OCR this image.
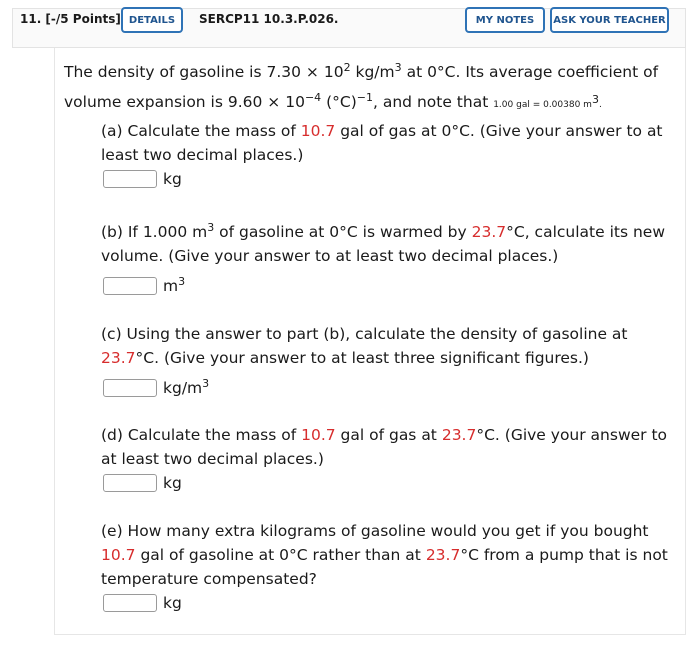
11. [-/5 Points] DETAILS	SERCP11 10.3.P.026.	MY NOTES	ASK YOUR TEACHER
The density of gasoline is $7.30 \times 10^2$ $kg/m^3$ at 0°C. Its average coefficient of volume expansion is $9.60 \times 10^{-4}$ $(^\circ C)^{-1}$, and note that 1.00 gal = 0.00380 $m^3$.
(a) Calculate the mass of 10.7 gal of gas at 0°C. (Give your answer to at least two decimal places.)
kg
(b) If 1.000 $m^3$ of gasoline at 0°C is warmed by 23.7°C, calculate its new volume. (Give your answer to at least two decimal places.)
$m^3$
(c) Using the answer to part (b), calculate the density of gasoline at 23.7°C. (Give your answer to at least three significant figures.)
$kg/m^3$
(d) Calculate the mass of 10.7 gal of gas at 23.7°C. (Give your answer to at least two decimal places.)
kg
(e) How many extra kilograms of gasoline would you get if you bought 10.7 gal of gasoline at 0°C rather than at 23.7°C from a pump that is not temperature compensated?
kg
